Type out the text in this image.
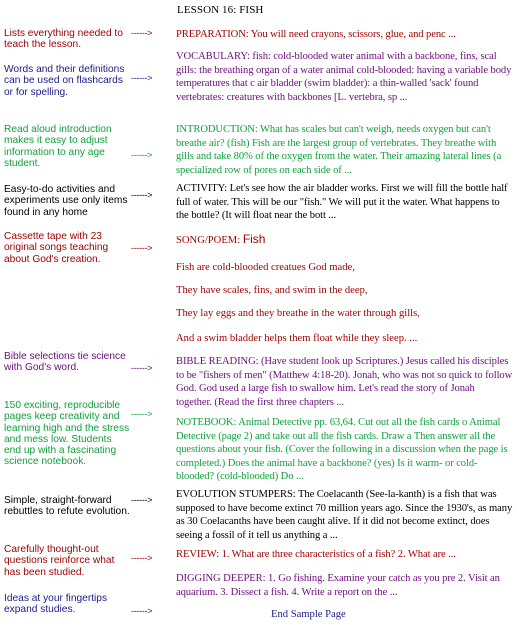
LESSON 16: FISH
Lists everything needed to teach the lesson.
Words and their definitions can be used on flashcards or for spelling.
Read aloud introduction makes it easy to adjust information to any age student.
Easy-to-do activities and experiments use only items found in any home
Cassette tape with 23 original songs teaching about God's creation.
Bible selections tie science with God's word.
150 exciting, reproducible pages keep creativity and learning high and the stress and mess low. Students end up with a fascinating science notebook.
Simple, straight-forward rebuttles to refute evolution.
Carefully thought-out questions reinforce what has been studied.
Ideas at your fingertips expand studies.
------>
------>
------>
------>
------>
------>
------>
------>
------>
------>
PREPARATION: You will need crayons, scissors, glue, and penc ...
VOCABULARY: fish: cold-blooded water animal with a backbone, fins, scal gills: the breathing organ of a water animal cold-blooded: having a variable body temperatures that c air bladder (swim bladder): a thin-walled 'sack' found vertebrates: creatures with backbones [L. vertebra, sp ...
INTRODUCTION: What has scales but can't weigh, needs oxygen but can't breathe air? (fish) Fish are the largest group of vertebrates. They breathe with gills and take 80% of the oxygen from the water. Their amazing lateral lines (a specialized row of pores on each side of ...
ACTIVITY: Let's see how the air bladder works. First we will fill the bottle half full of water. This will be our "fish." We will put it the water. What happens to the bottle? (It will float near the bott ...
SONG/POEM: Fish
Fish are cold-blooded creatues God made,
They have scales, fins, and swim in the deep,
They lay eggs and they breathe in the water through gills,
And a swim bladder helps them float while they sleep. ...
BIBLE READING: (Have student look up Scriptures.) Jesus called his disciples to be "fishers of men" (Matthew 4:18-20). Jonah, who was not so quick to follow God. God used a large fish to swallow him. Let's read the story of Jonah together. (Read the first three chapters ...
NOTEBOOK: Animal Detective pp. 63,64. Cut out all the fish cards o Animal Detective (page 2) and take out all the fish cards. Draw a Then answer all the questions about your fish. (Cover the following in a discussion when the page is completed.) Does the animal have a backbone? (yes) Is it warm- or cold- blooded? (cold-blooded) Do ...
EVOLUTION STUMPERS: The Coelacanth (See-la-kanth) is a fish that was supposed to have become extinct 70 million years ago. Since the 1930's, as many as 30 Coelacanths have been caught alive. If it did not become extinct, does seeing a fossil of it tell us anything a ...
REVIEW: 1. What are three characteristics of a fish? 2. What are ...
DIGGING DEEPER: 1. Go fishing. Examine your catch as you pre 2. Visit an aquarium. 3. Dissect a fish. 4. Write a report on the ...
End Sample Page
